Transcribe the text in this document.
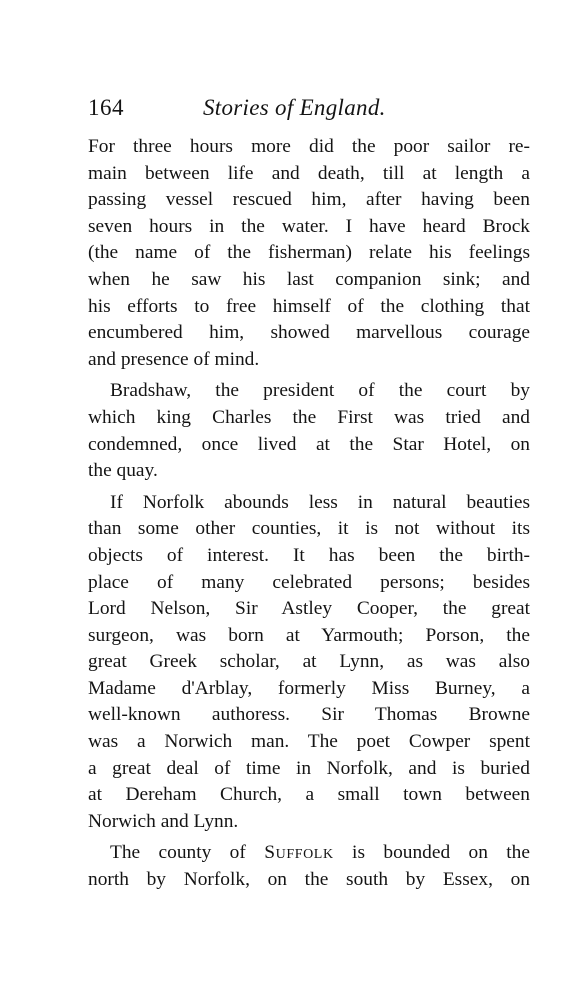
164	Stories of England.

For three hours more did the poor sailor re-
main between life and death, till at length a
passing vessel rescued him, after having been
seven hours in the water. I have heard Brock
(the name of the fisherman) relate his feelings
when he saw his last companion sink; and
his efforts to free himself of the clothing that
encumbered him, showed marvellous courage
and presence of mind.

Bradshaw, the president of the court by
which king Charles the First was tried and
condemned, once lived at the Star Hotel, on
the quay.

If Norfolk abounds less in natural beauties
than some other counties, it is not without its
objects of interest. It has been the birth-
place of many celebrated persons; besides
Lord Nelson, Sir Astley Cooper, the great
surgeon, was born at Yarmouth; Porson, the
great Greek scholar, at Lynn, as was also
Madame d'Arblay, formerly Miss Burney, a
well-known authoress. Sir Thomas Browne
was a Norwich man. The poet Cowper spent
a great deal of time in Norfolk, and is buried
at Dereham Church, a small town between
Norwich and Lynn.

The county of Suffolk is bounded on the
north by Norfolk, on the south by Essex, on
